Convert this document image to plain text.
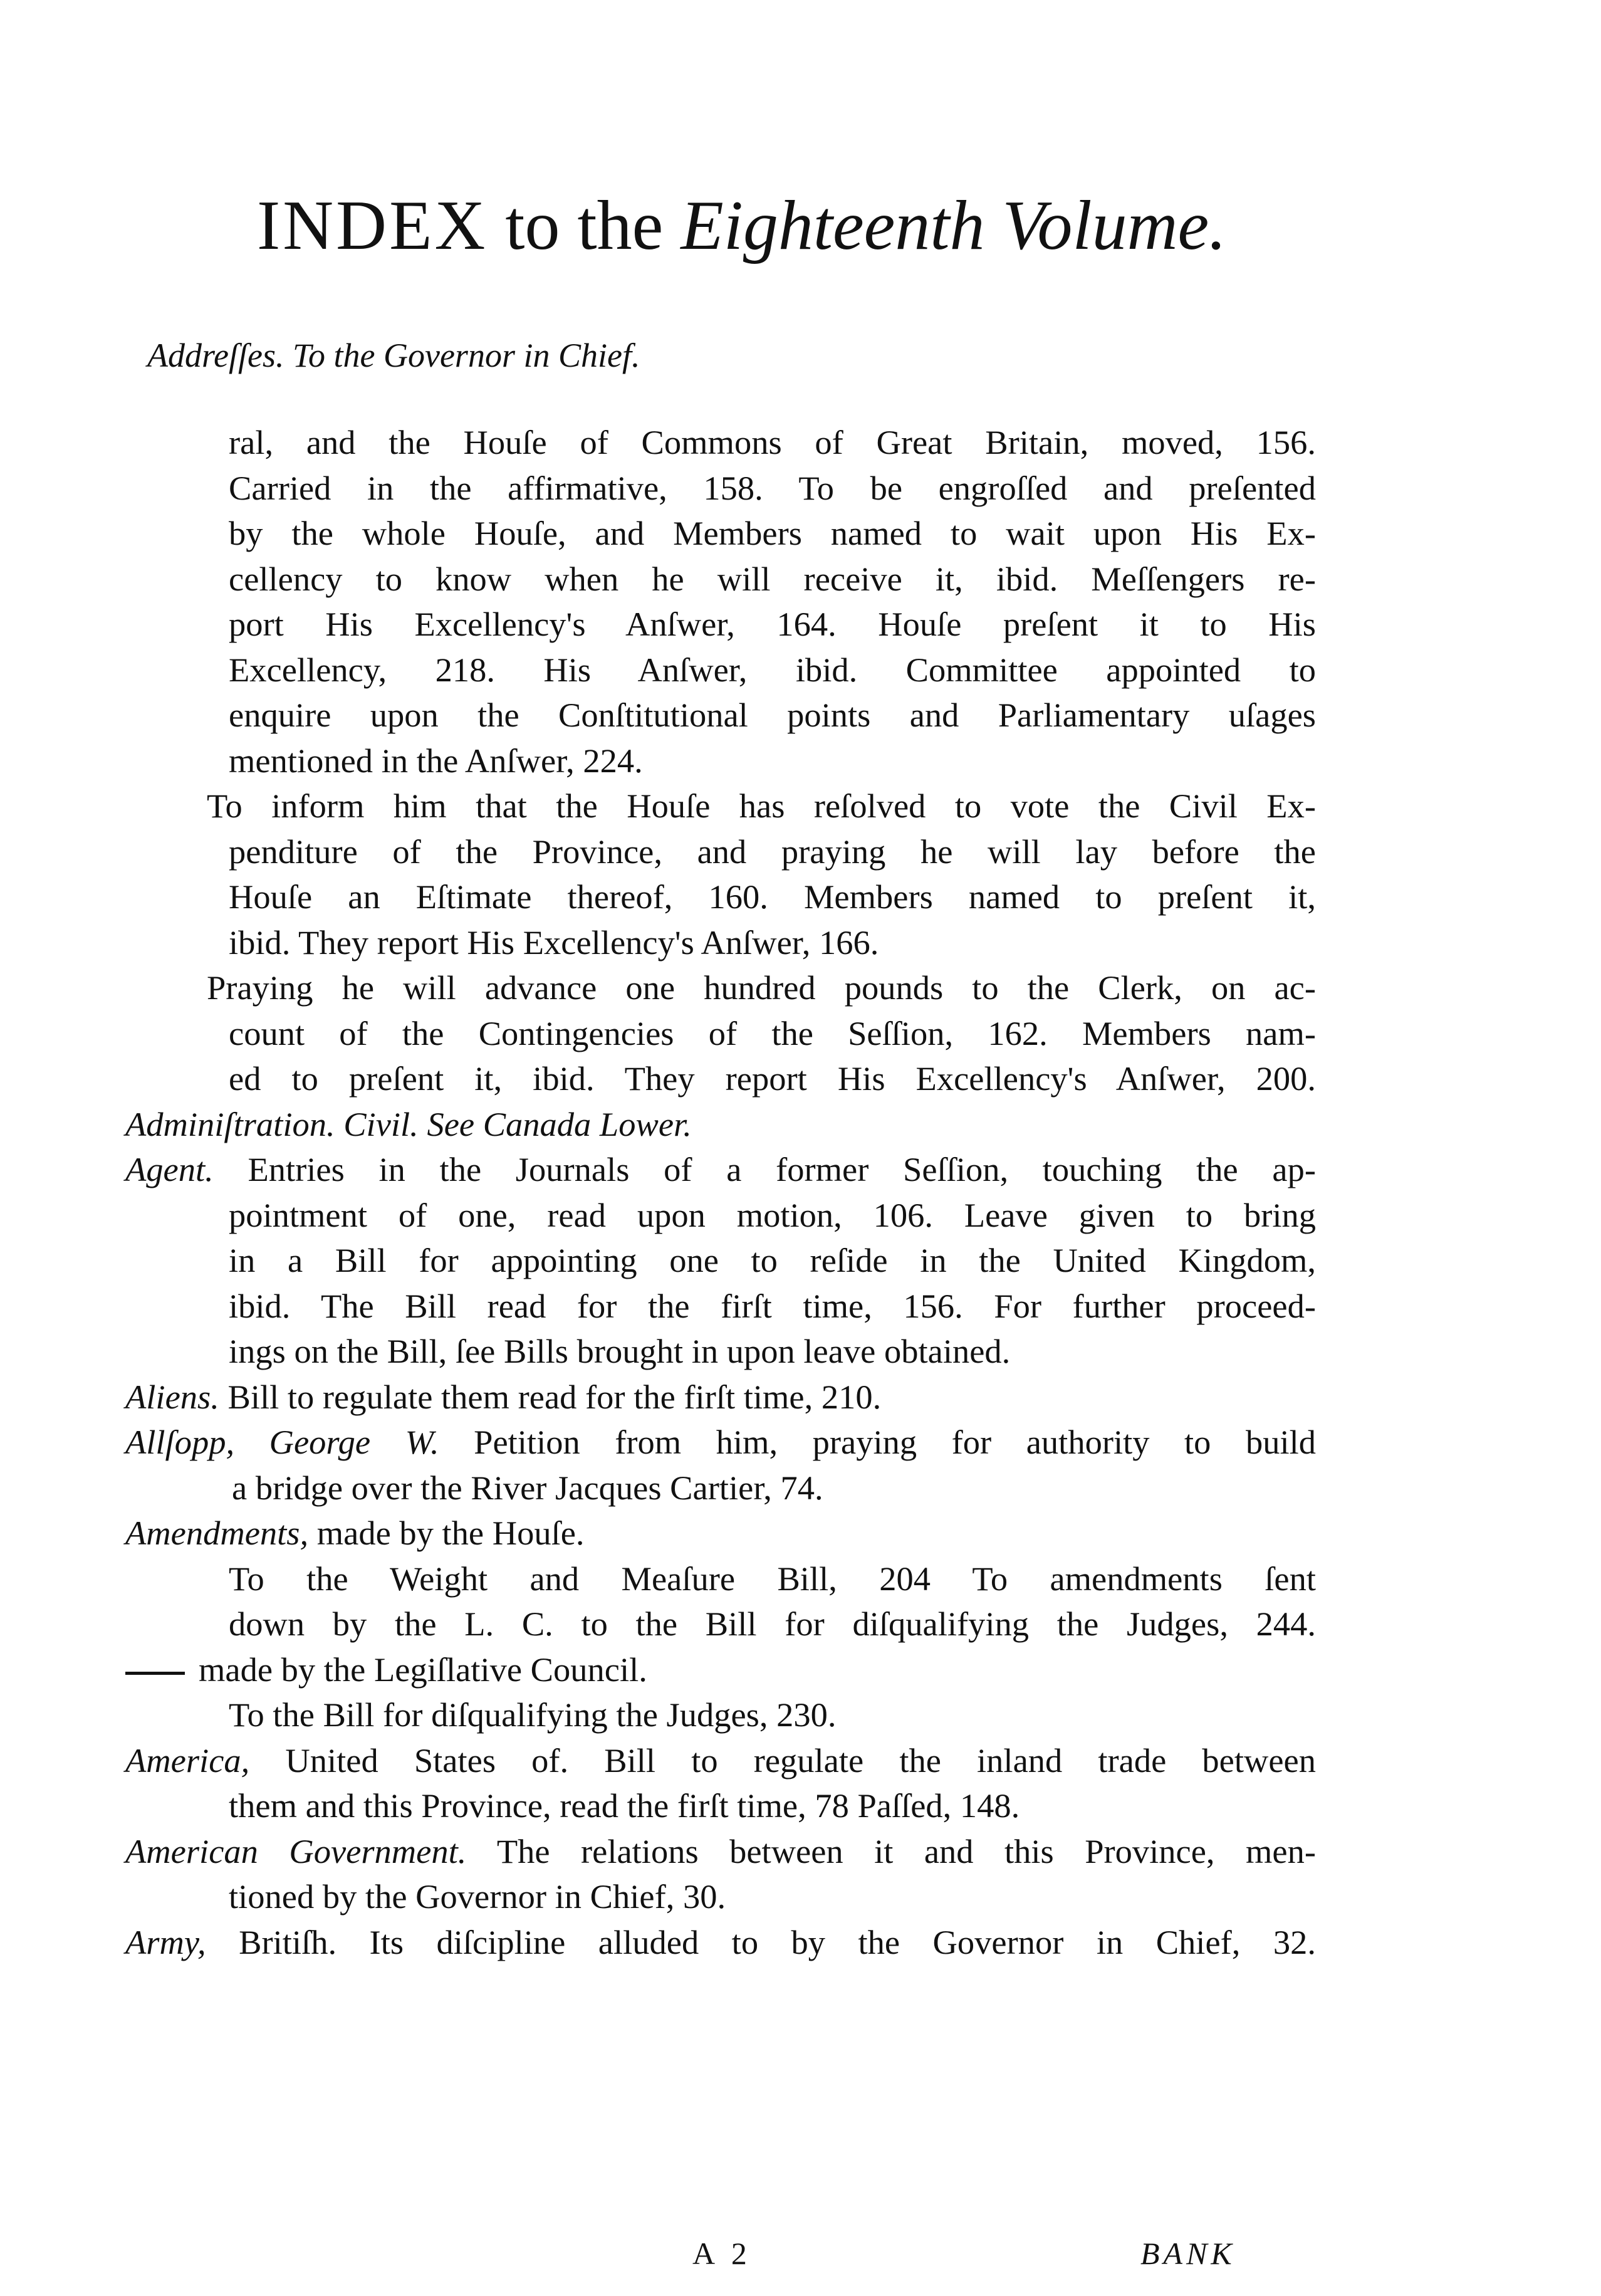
INDEX to the Eighteenth Volume.
Addreſſes. To the Governor in Chief.
ral, and the Houſe of Commons of Great Britain, moved, 156.
Carried in the affirmative, 158. To be engroſſed and preſented
by the whole Houſe, and Members named to wait upon His Ex-
cellency to know when he will receive it, ibid. Meſſengers re-
port His Excellency's Anſwer, 164. Houſe preſent it to His
Excellency, 218. His Anſwer, ibid. Committee appointed to
enquire upon the Conſtitutional points and Parliamentary uſages
mentioned in the Anſwer, 224.
To inform him that the Houſe has reſolved to vote the Civil Ex-
penditure of the Province, and praying he will lay before the
Houſe an Eſtimate thereof, 160. Members named to preſent it,
ibid. They report His Excellency's Anſwer, 166.
Praying he will advance one hundred pounds to the Clerk, on ac-
count of the Contingencies of the Seſſion, 162. Members nam-
ed to preſent it, ibid. They report His Excellency's Anſwer, 200.
Adminiſtration. Civil. See Canada Lower.
Agent. Entries in the Journals of a former Seſſion, touching the ap-
pointment of one, read upon motion, 106. Leave given to bring
in a Bill for appointing one to reſide in the United Kingdom,
ibid. The Bill read for the firſt time, 156. For further proceed-
ings on the Bill, ſee Bills brought in upon leave obtained.
Aliens. Bill to regulate them read for the firſt time, 210.
Allſopp, George W. Petition from him, praying for authority to build
a bridge over the River Jacques Cartier, 74.
Amendments, made by the Houſe.
To the Weight and Meaſure Bill, 204 To amendments ſent
down by the L. C. to the Bill for diſqualifying the Judges, 244.
made by the Legiſlative Council.
To the Bill for diſqualifying the Judges, 230.
America, United States of. Bill to regulate the inland trade between
them and this Province, read the firſt time, 78 Paſſed, 148.
American Government. The relations between it and this Province, men-
tioned by the Governor in Chief, 30.
Army, Britiſh. Its diſcipline alluded to by the Governor in Chief, 32.
A 2	BANK
